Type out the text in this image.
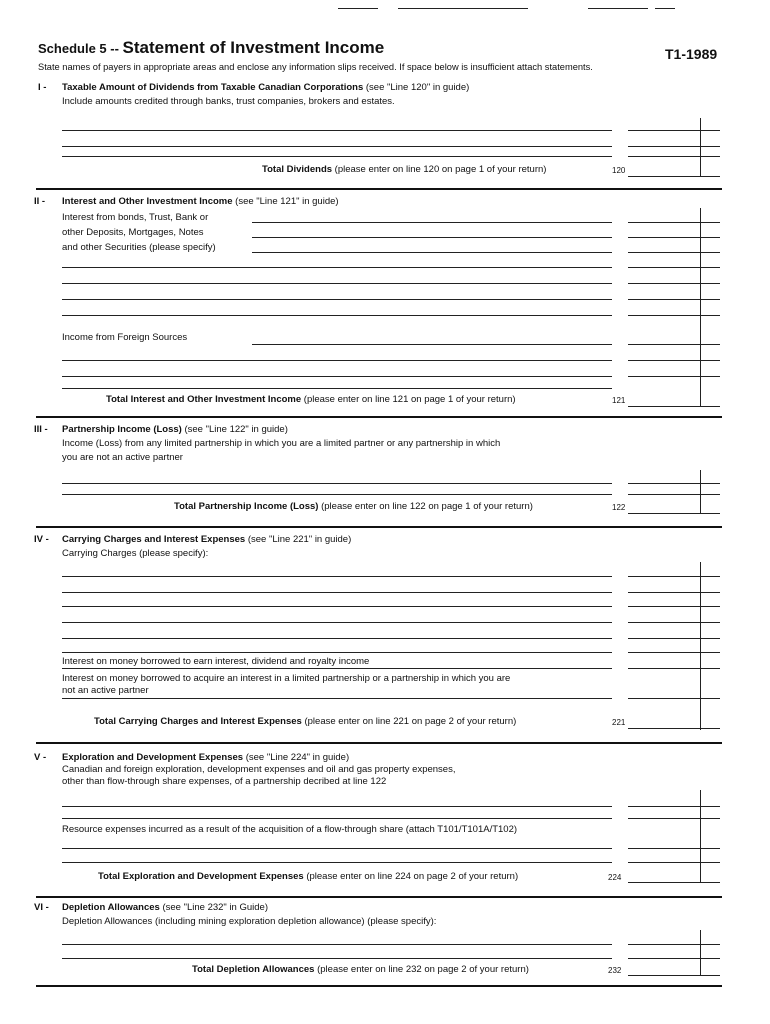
Schedule 5 -- Statement of Investment Income	T1-1989
State names of payers in appropriate areas and enclose any information slips received. If space below is insufficient attach statements.
I - Taxable Amount of Dividends from Taxable Canadian Corporations (see "Line 120" in guide)
Include amounts credited through banks, trust companies, brokers and estates.
Total Dividends (please enter on line 120 on page 1 of your return)	120
II - Interest and Other Investment Income (see "Line 121" in guide)
Interest from bonds, Trust, Bank or
other Deposits, Mortgages, Notes
and other Securities (please specify)
Income from Foreign Sources
Total Interest and Other Investment Income (please enter on line 121 on page 1 of your return)	121
III - Partnership Income (Loss) (see "Line 122" in guide)
Income (Loss) from any limited partnership in which you are a limited partner or any partnership in which
you are not an active partner
Total Partnership Income (Loss) (please enter on line 122 on page 1 of your return)	122
IV - Carrying Charges and Interest Expenses (see "Line 221" in guide)
Carrying Charges (please specify):
Interest on money borrowed to earn interest, dividend and royalty income
Interest on money borrowed to acquire an interest in a limited partnership or a partnership in which you are
not an active partner
Total Carrying Charges and Interest Expenses (please enter on line 221 on page 2 of your return)	221
V - Exploration and Development Expenses (see "Line 224" in guide)
Canadian and foreign exploration, development expenses and oil and gas property expenses,
other than flow-through share expenses, of a partnership decribed at line 122
Resource expenses incurred as a result of the acquisition of a flow-through share (attach T101/T101A/T102)
Total Exploration and Development Expenses (please enter on line 224 on page 2 of your return)	224
VI - Depletion Allowances (see "Line 232" in Guide)
Depletion Allowances (including mining exploration depletion allowance) (please specify):
Total Depletion Allowances (please enter on line 232 on page 2 of your return)	232
